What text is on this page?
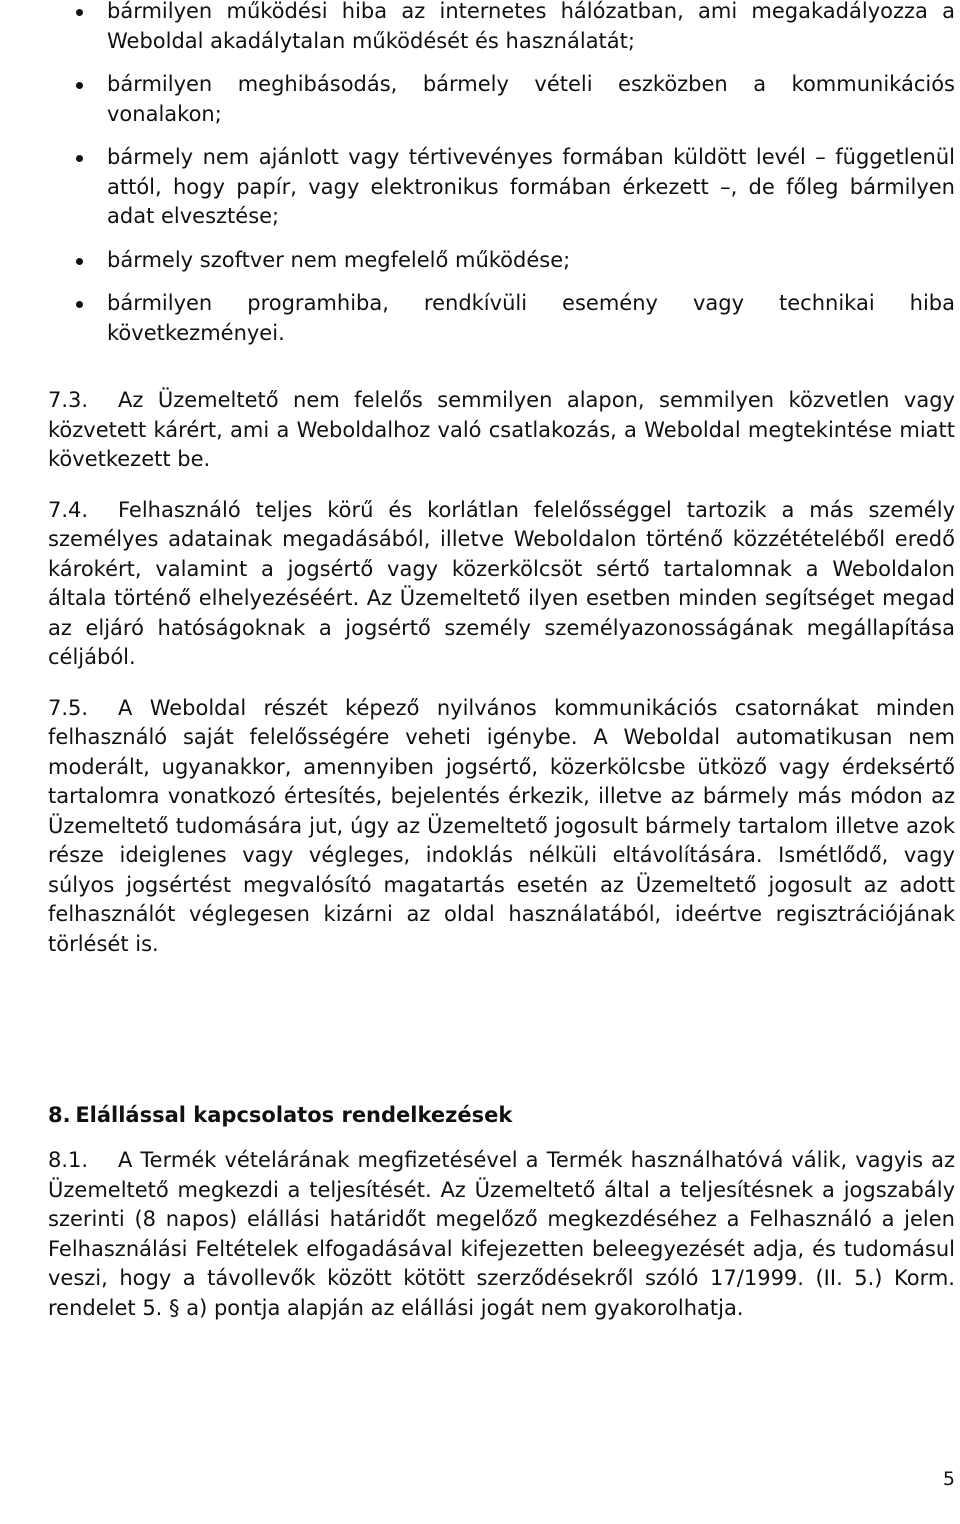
bármilyen működési hiba az internetes hálózatban, ami megakadályozza a Weboldal akadálytalan működését és használatát;
bármilyen meghibásodás, bármely vételi eszközben a kommunikációs vonalakon;
bármely nem ajánlott vagy tértivevényes formában küldött levél – függetlenül attól, hogy papír, vagy elektronikus formában érkezett –, de főleg bármilyen adat elvesztése;
bármely szoftver nem megfelelő működése;
bármilyen programhiba, rendkívüli esemény vagy technikai hiba következményei.

7.3. Az Üzemeltető nem felelős semmilyen alapon, semmilyen közvetlen vagy közvetett kárért, ami a Weboldalhoz való csatlakozás, a Weboldal megtekintése miatt következett be.

7.4. Felhasználó teljes körű és korlátlan felelősséggel tartozik a más személy személyes adatainak megadásából, illetve Weboldalon történő közzétételéből eredő károkért, valamint a jogsértő vagy közerkölcsöt sértő tartalomnak a Weboldalon általa történő elhelyezéséért. Az Üzemeltető ilyen esetben minden segítséget megad az eljáró hatóságoknak a jogsértő személy személyazonosságának megállapítása céljából.

7.5. A Weboldal részét képező nyilvános kommunikációs csatornákat minden felhasználó saját felelősségére veheti igénybe. A Weboldal automatikusan nem moderált, ugyanakkor, amennyiben jogsértő, közerkölcsbe ütköző vagy érdeksértő tartalomra vonatkozó értesítés, bejelentés érkezik, illetve az bármely más módon az Üzemeltető tudomására jut, úgy az Üzemeltető jogosult bármely tartalom illetve azok része ideiglenes vagy végleges, indoklás nélküli eltávolítására. Ismétlődő, vagy súlyos jogsértést megvalósító magatartás esetén az Üzemeltető jogosult az adott felhasználót véglegesen kizárni az oldal használatából, ideértve regisztrációjának törlését is.

8. Elállással kapcsolatos rendelkezések

8.1. A Termék vételárának megfizetésével a Termék használhatóvá válik, vagyis az Üzemeltető megkezdi a teljesítését. Az Üzemeltető által a teljesítésnek a jogszabály szerinti (8 napos) elállási határidőt megelőző megkezdéséhez a Felhasználó a jelen Felhasználási Feltételek elfogadásával kifejezetten beleegyezését adja, és tudomásul veszi, hogy a távollevők között kötött szerződésekről szóló 17/1999. (II. 5.) Korm. rendelet 5. § a) pontja alapján az elállási jogát nem gyakorolhatja.

5
